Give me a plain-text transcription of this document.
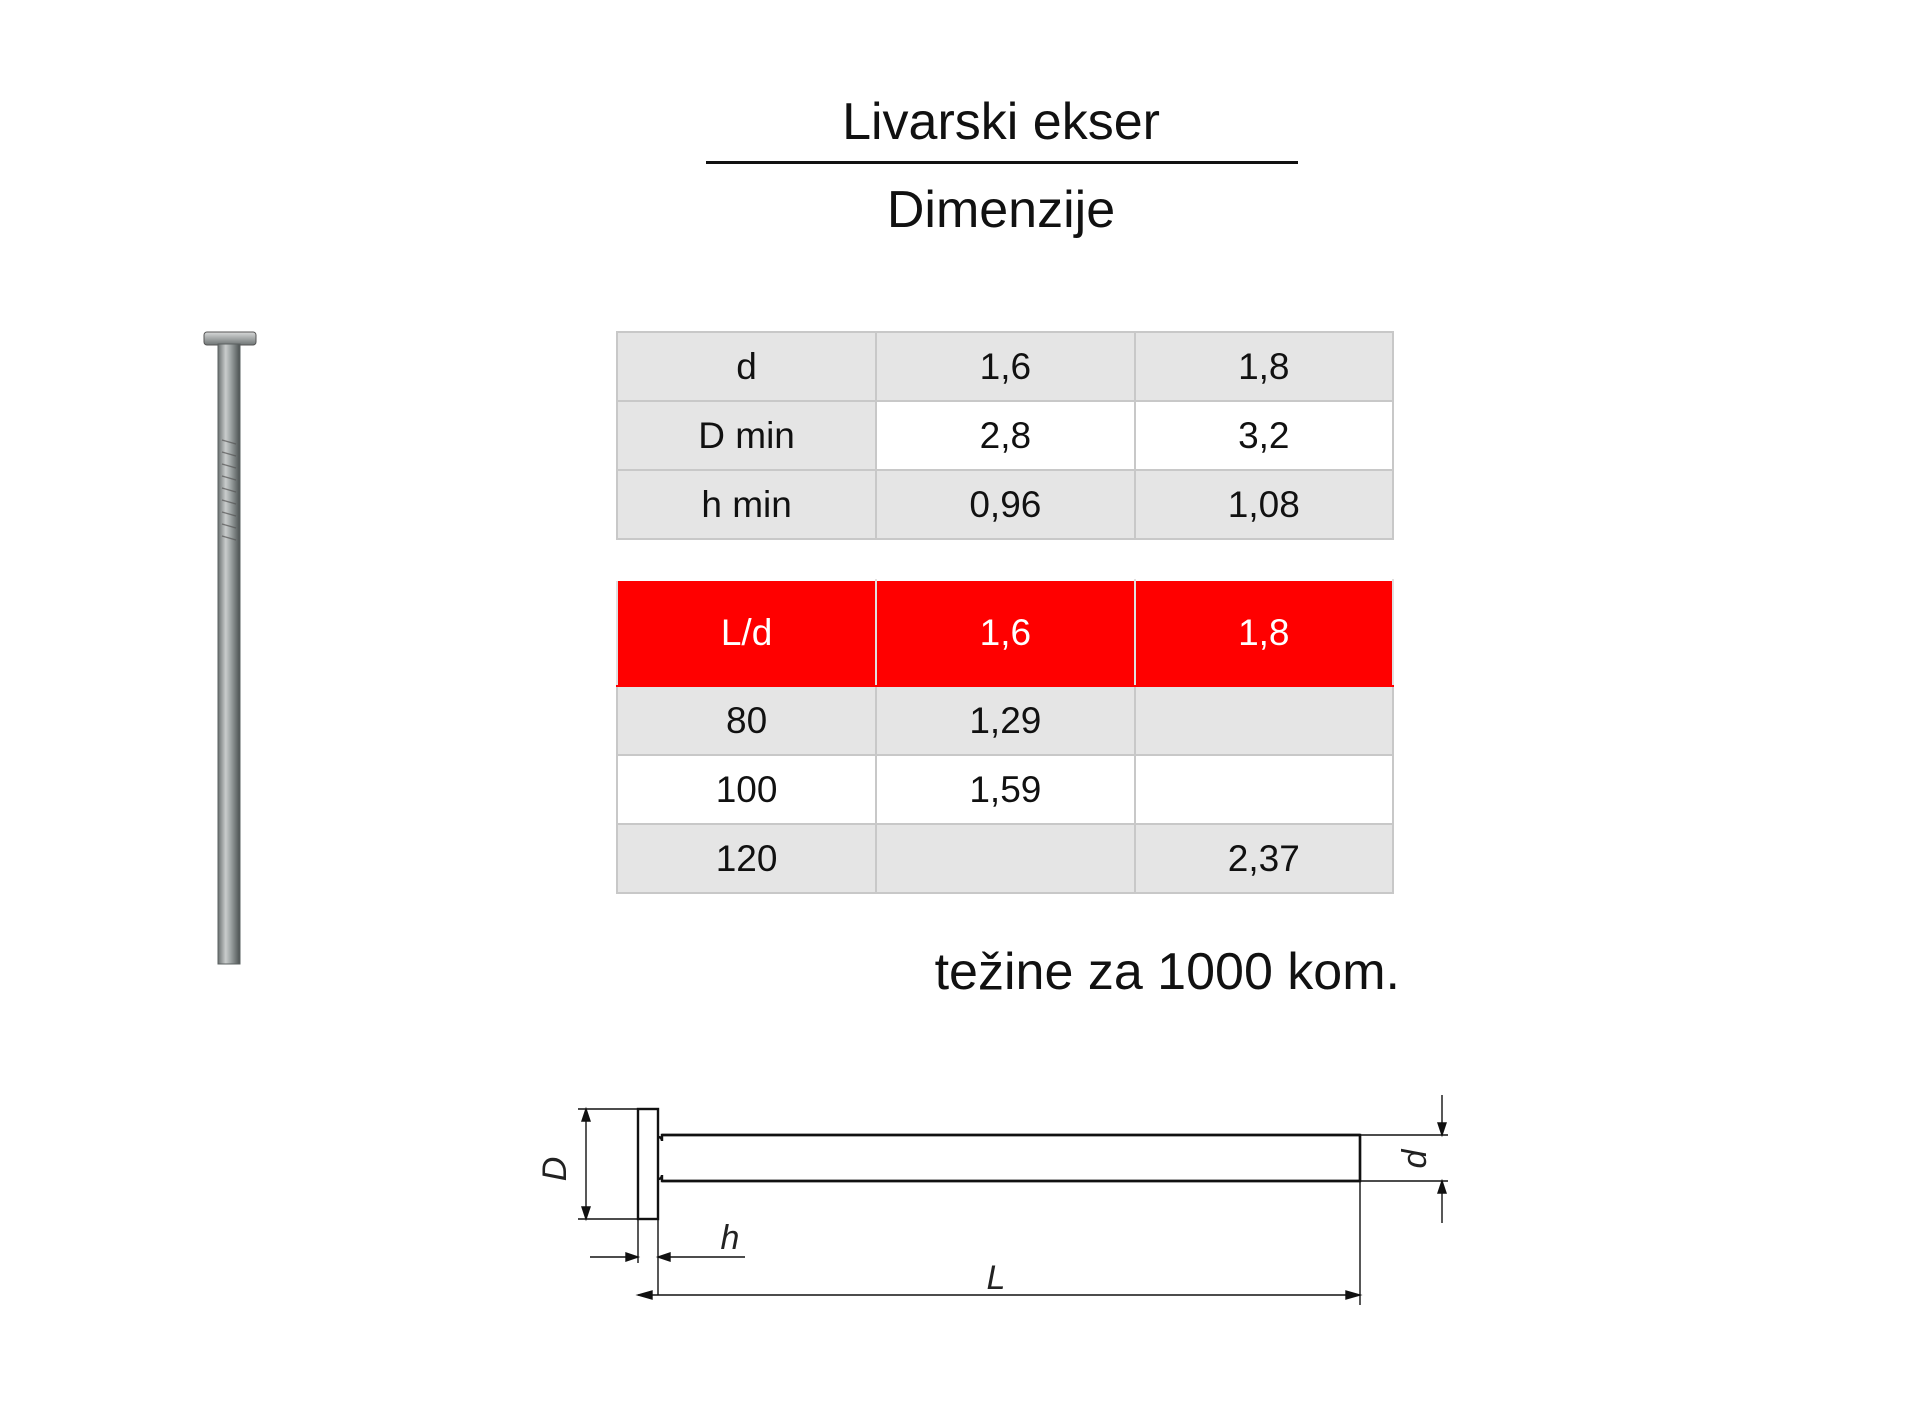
Livarski ekser
Dimenzije
d	1,6	1,8
D min	2,8	3,2
h min	0,96	1,08
L/d	1,6	1,8
80	1,29	
100	1,59	
120		2,37
težine za 1000 kom.
D
h
L
d
